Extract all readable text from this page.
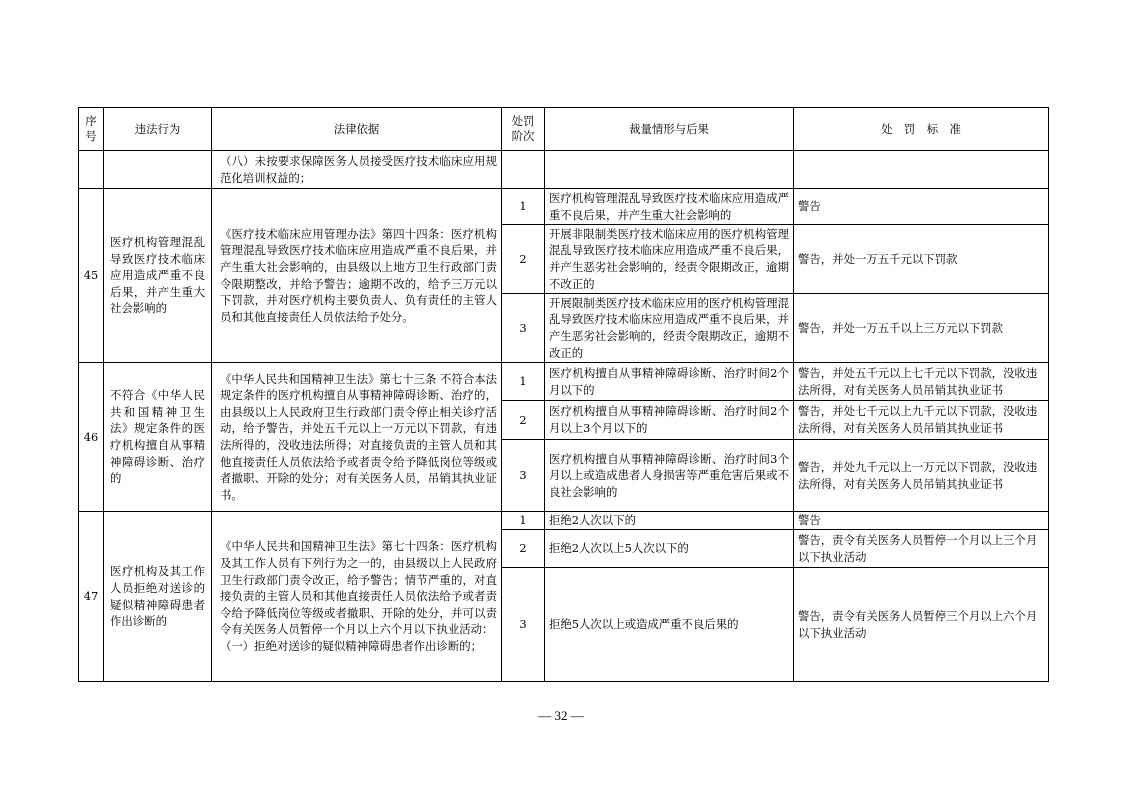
序号	违法行为	法律依据	处罚阶次	裁量情形与后果	处　罚　标　准
		（八）未按要求保障医务人员接受医疗技术临床应用规范化培训权益的；			
45	医疗机构管理混乱导致医疗技术临床应用造成严重不良后果，并产生重大社会影响的	《医疗技术临床应用管理办法》第四十四条：医疗机构管理混乱导致医疗技术临床应用造成严重不良后果，并产生重大社会影响的，由县级以上地方卫生行政部门责令限期整改，并给予警告；逾期不改的，给予三万元以下罚款，并对医疗机构主要负责人、负有责任的主管人员和其他直接责任人员依法给予处分。	1	医疗机构管理混乱导致医疗技术临床应用造成严重不良后果，并产生重大社会影响的	警告
			2	开展非限制类医疗技术临床应用的医疗机构管理混乱导致医疗技术临床应用造成严重不良后果，并产生恶劣社会影响的，经责令限期改正，逾期不改正的	警告，并处一万五千元以下罚款
			3	开展限制类医疗技术临床应用的医疗机构管理混乱导致医疗技术临床应用造成严重不良后果，并产生恶劣社会影响的，经责令限期改正，逾期不改正的	警告，并处一万五千以上三万元以下罚款
46	不符合《中华人民共和国精神卫生法》规定条件的医疗机构擅自从事精神障碍诊断、治疗的	《中华人民共和国精神卫生法》第七十三条 不符合本法规定条件的医疗机构擅自从事精神障碍诊断、治疗的，由县级以上人民政府卫生行政部门责令停止相关诊疗活动，给予警告，并处五千元以上一万元以下罚款，有违法所得的，没收违法所得；对直接负责的主管人员和其他直接责任人员依法给予或者责令给予降低岗位等级或者撤职、开除的处分；对有关医务人员，吊销其执业证书。	1	医疗机构擅自从事精神障碍诊断、治疗时间2个月以下的	警告，并处五千元以上七千元以下罚款，没收违法所得，对有关医务人员吊销其执业证书
			2	医疗机构擅自从事精神障碍诊断、治疗时间2个月以上3个月以下的	警告，并处七千元以上九千元以下罚款，没收违法所得，对有关医务人员吊销其执业证书
			3	医疗机构擅自从事精神障碍诊断、治疗时间3个月以上或造成患者人身损害等严重危害后果或不良社会影响的	警告，并处九千元以上一万元以下罚款，没收违法所得，对有关医务人员吊销其执业证书
47	医疗机构及其工作人员拒绝对送诊的疑似精神障碍患者作出诊断的	《中华人民共和国精神卫生法》第七十四条：医疗机构及其工作人员有下列行为之一的，由县级以上人民政府卫生行政部门责令改正，给予警告；情节严重的，对直接负责的主管人员和其他直接责任人员依法给予或者责令给予降低岗位等级或者撤职、开除的处分，并可以责令有关医务人员暂停一个月以上六个月以下执业活动：
（一）拒绝对送诊的疑似精神障碍患者作出诊断的；	1	拒绝2人次以下的	警告
			2	拒绝2人次以上5人次以下的	警告，责令有关医务人员暂停一个月以上三个月以下执业活动
			3	拒绝5人次以上或造成严重不良后果的	警告，责令有关医务人员暂停三个月以上六个月以下执业活动
— 32 —
